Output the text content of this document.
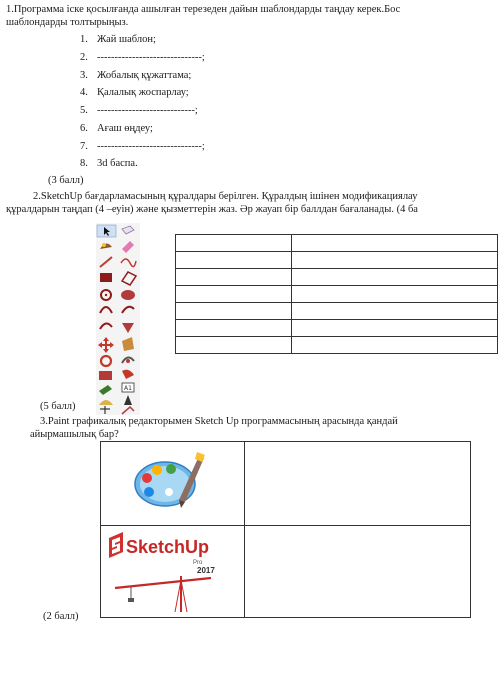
1.Программа іске қосылғанда ашылған терезеден дайын шаблондарды таңдау керек.Бос
шаблондарды толтырыңыз.
1. Жай шаблон;
2. ------------------------------;
3. Жобалық құжаттама;
4. Қалалық жоспарлау;
5. ----------------------------;
6. Ағаш өңдеу;
7. ------------------------------;
8. 3d баспа.
(3 балл)
2.SketchUp бағдарламасының құралдары берілген. Құралдың ішінен модификациялау
құралдарын таңдап (4 –еуін) және қызметтерін жаз. Әр жауап бір баллдан бағаланады. (4 ба
A1

(5 балл)
3.Paint графикалық редакторымен Sketch Up программасының арасында қандай
айырмашылық бар?

SketchUp
Pro
2017	

(2 балл)
